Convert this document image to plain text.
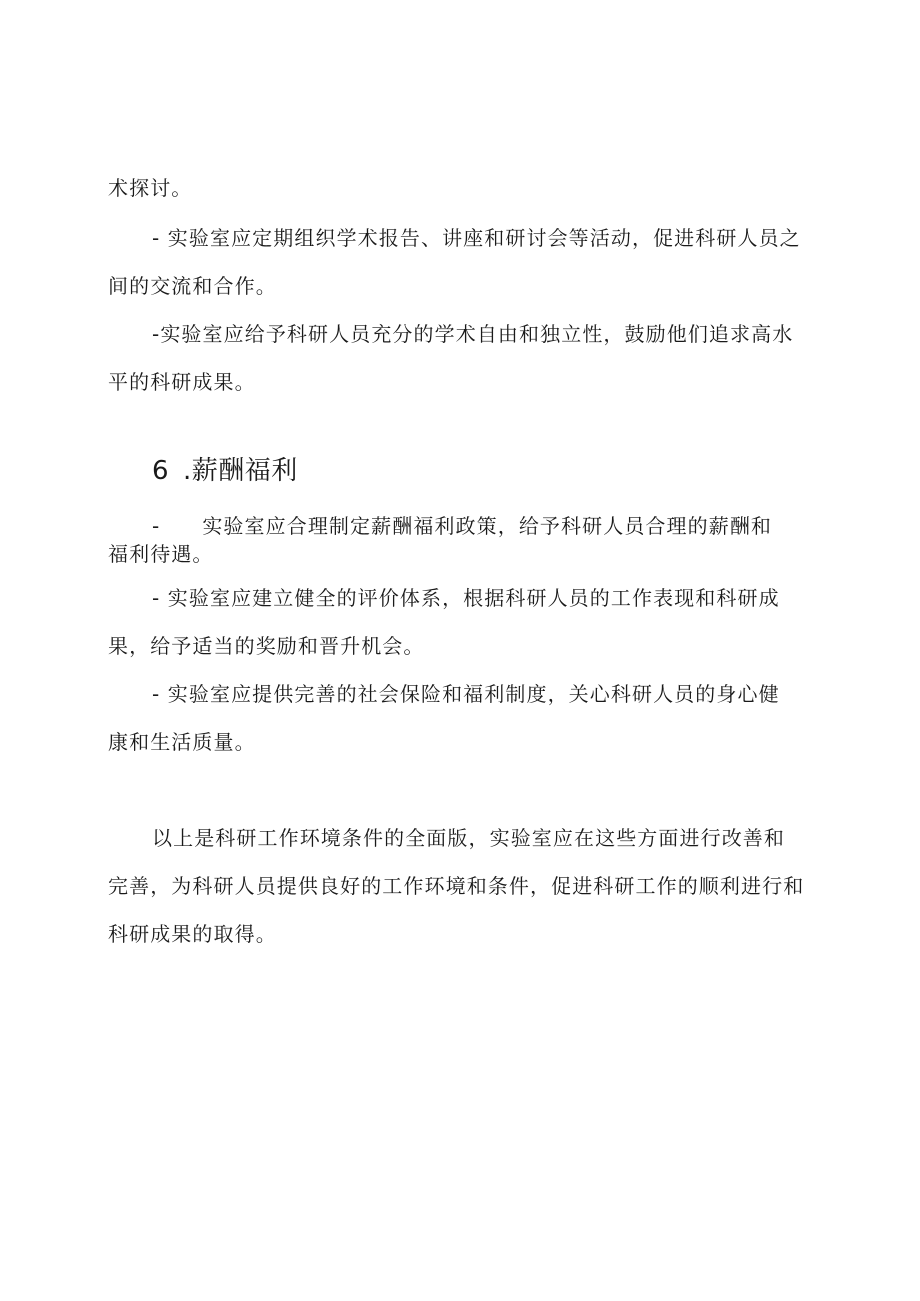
术探讨。
- 实验室应定期组织学术报告、讲座和研讨会等活动，促进科研人员之
间的交流和合作。
-实验室应给予科研人员充分的学术自由和独立性，鼓励他们追求高水
平的科研成果。
6 .薪酬福利
- 实验室应合理制定薪酬福利政策，给予科研人员合理的薪酬和
福利待遇。
- 实验室应建立健全的评价体系，根据科研人员的工作表现和科研成
果，给予适当的奖励和晋升机会。
- 实验室应提供完善的社会保险和福利制度，关心科研人员的身心健
康和生活质量。
以上是科研工作环境条件的全面版，实验室应在这些方面进行改善和
完善，为科研人员提供良好的工作环境和条件，促进科研工作的顺利进行和
科研成果的取得。
